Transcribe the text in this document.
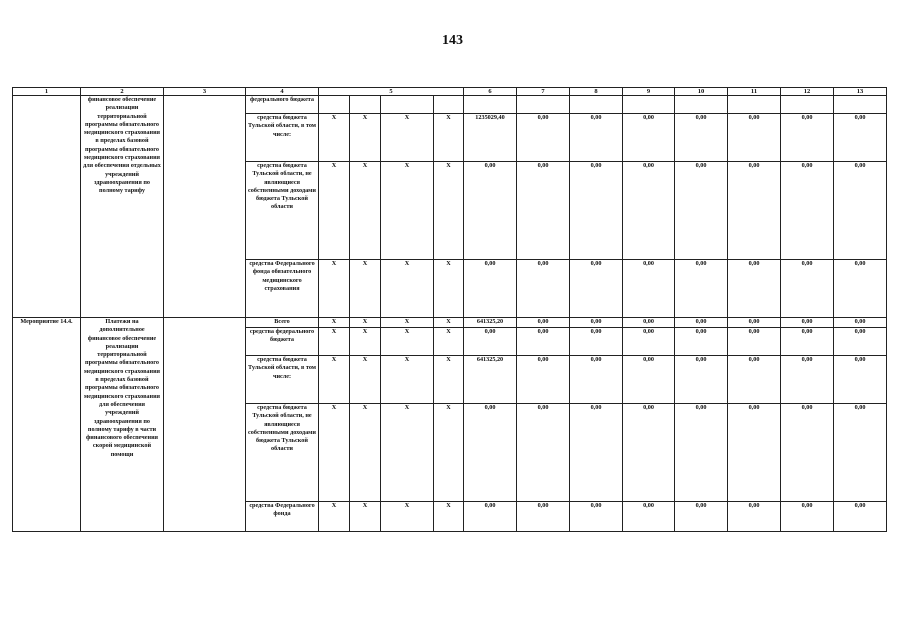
143
1	2	3	4	5				6	7	8	9	10	11	12	13
	финансовое обеспечение реализации территориальной программы обязательного медицинского страхования в пределах базовой программы обязательного медицинского страхования для обеспечения отдельных учреждений здравоохранения по полному тарифу		федерального бюджета												
			средства бюджета Тульской области, в том числе:	X	X	X	X	1235029,40	0,00	0,00	0,00	0,00	0,00	0,00	0,00
			средства бюджета Тульской области, не являющиеся собственными доходами бюджета Тульской области	X	X	X	X	0,00	0,00	0,00	0,00	0,00	0,00	0,00	0,00
			средства Федерального фонда обязательного медицинского страхования	X	X	X	X	0,00	0,00	0,00	0,00	0,00	0,00	0,00	0,00
Мероприятие 14.4.	Платежи на дополнительное финансовое обеспечение реализации территориальной программы обязательного медицинского страхования в пределах базовой программы обязательного медицинского страхования для обеспечения учреждений здравоохранения по полному тарифу в части финансового обеспечения скорой медицинской помощи		Всего	X	X	X	X	641325,20	0,00	0,00	0,00	0,00	0,00	0,00	0,00
			средства федерального бюджета	X	X	X	X	0,00	0,00	0,00	0,00	0,00	0,00	0,00	0,00
			средства бюджета Тульской области, в том числе:	X	X	X	X	641325,20	0,00	0,00	0,00	0,00	0,00	0,00	0,00
			средства бюджета Тульской области, не являющиеся собственными доходами бюджета Тульской области	X	X	X	X	0,00	0,00	0,00	0,00	0,00	0,00	0,00	0,00
			средства Федерального фонда	X	X	X	X	0,00	0,00	0,00	0,00	0,00	0,00	0,00	0,00
